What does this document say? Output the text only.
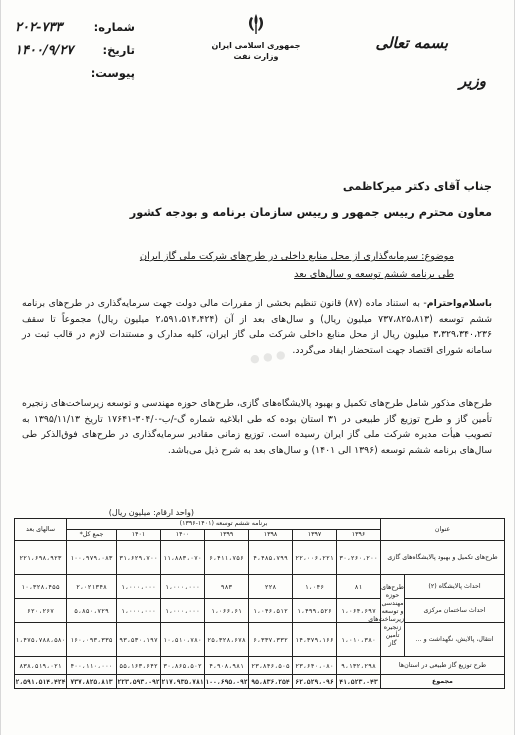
جمهوری اسلامی ایران
وزارت نفت
بسمه تعالی
وزیر
شماره:
۲۰۲-۷۳۳
تاریخ:
۱۴۰۰/۹/۲۷
پیوست:
جناب آقای دکتر میرکاظمی
معاون محترم رییس جمهور و رییس سازمان برنامه و بودجه کشور
موضوع: سرمایه‌گذاری از محل منابع داخلی در طرح‌های شرکت ملی گاز ایران
طی برنامه ششم توسعه و سال‌های بعد
● ● ●
باسلام‌واحترام- به استناد ماده (۸۷) قانون تنظیم بخشی از مقررات مالی دولت جهت سرمایه‌گذاری در طرح‌های برنامه ششم توسعه (۷۳۷،۸۲۵،۸۱۳ میلیون ریال) و سال‌های بعد از آن (۲،۵۹۱،۵۱۴،۴۲۴ میلیون ریال) مجموعاً تا سقف ۳،۳۲۹،۳۴۰،۲۳۶ میلیون ریال از محل منابع داخلی شرکت ملی گاز ایران، کلیه مدارک و مستندات لازم در قالب ثبت در سامانه شورای اقتصاد جهت استحضار ایفاد می‌گردد.
طرح‌های مذکور شامل طرح‌های تکمیل و بهبود پالایشگاه‌های گازی، طرح‌های حوزه مهندسی و توسعه زیرساخت‌های زنجیره تأمین گاز و طرح توزیع گاز طبیعی در ۳۱ استان بوده که طی ابلاغیه شماره گ-/ب-۳۰۴/۰-۱۷۶۴۱ تاریخ ۱۳۹۵/۱۱/۱۳ به تصویب هیأت مدیره شرکت ملی گاز ایران رسیده است. توزیع زمانی مقادیر سرمایه‌گذاری در طرح‌های فوق‌الذکر طی سال‌های برنامه ششم توسعه (۱۳۹۶ الی ۱۴۰۱) و سال‌های بعد به شرح ذیل می‌باشد.
(واحد ارقام: میلیون ریال)
عنوان		برنامه ششم توسعه (۱۴۰۱-۱۳۹۶)							سالهای بعد
		۱۳۹۶	۱۳۹۷	۱۳۹۸	۱۳۹۹	۱۴۰۰	۱۴۰۱	جمع کل*	
طرح‌های تکمیل و بهبود پالایشگاه‌های گازی		۳۰،۲۶۰،۲۰۰	۲۲،۰۰۶،۲۲۱	۴،۴۸۵،۷۹۹	۶،۴۱۱،۷۵۶	۱۱،۸۸۳،۰۷۰	۳۱،۶۲۹،۷۰۰	۱۰۰،۹۷۹،۰۸۳	۲۲۱،۶۹۸،۹۲۳
احداث پالایشگاه (۲)	طرح‌های حوزه مهندسی و توسعه زیرساخت‌های زنجیره تأمین گاز	۸۱	۱،۰۴۶	۲۲۸	۹۸۳	۱،۰۰۰،۰۰۰	۱،۰۰۰،۰۰۰	۲،۰۲۱۳۴۸	۱۰،۳۲۸،۴۵۵
احداث ساختمان مرکزی		۱،۰۶۴،۶۹۷	۱،۴۹۹،۵۲۶	۱،۰۴۶،۵۱۲	۱،۰۶۶،۶۱	۱،۰۰۰،۰۰۰	۱،۰۰۰،۰۰۰	۵،۸۵۰،۷۲۹	۶۲۰،۲۶۷
انتقال، پالایش، نگهداشت و ...		۱،۰۱۰،۳۸۰	۱۴،۳۷۹،۱۶۶	۶،۳۳۷،۳۳۲	۲۵،۳۲۸،۶۷۸	۱۰،۵۱۰،۷۸۰	۹۳،۵۳۰،۱۹۷	۱۶۰،۰۹۳،۳۳۵	۱،۴۷۵،۷۸۸،۵۸۰
طرح توزیع گاز طبیعی در استان‌ها		۹،۱۳۲،۲۹۸	۲۳،۶۴۰،۰۸۰	۲۳،۸۴۶،۵۰۵	۴،۹۰۸،۹۸۱	۳۰،۸۶۵،۵۰۲	۵۵،۱۶۳،۶۴۲	۴۰۰،۱۱۰،۰۰۰	۸۳۸،۵۱۹،۰۲۱
مجموع		۴۱،۵۲۳،۰۴۳	۶۲،۵۲۹،۰۹۶	۹۵،۸۳۶،۲۵۴	۱۰۰،۶۹۵،۰۹۲	۲۱۷،۹۳۵،۷۸۱	۲۲۳،۵۹۳،۰۹۲	۷۳۷،۸۲۵،۸۱۳	۲،۵۹۱،۵۱۴،۴۲۴
